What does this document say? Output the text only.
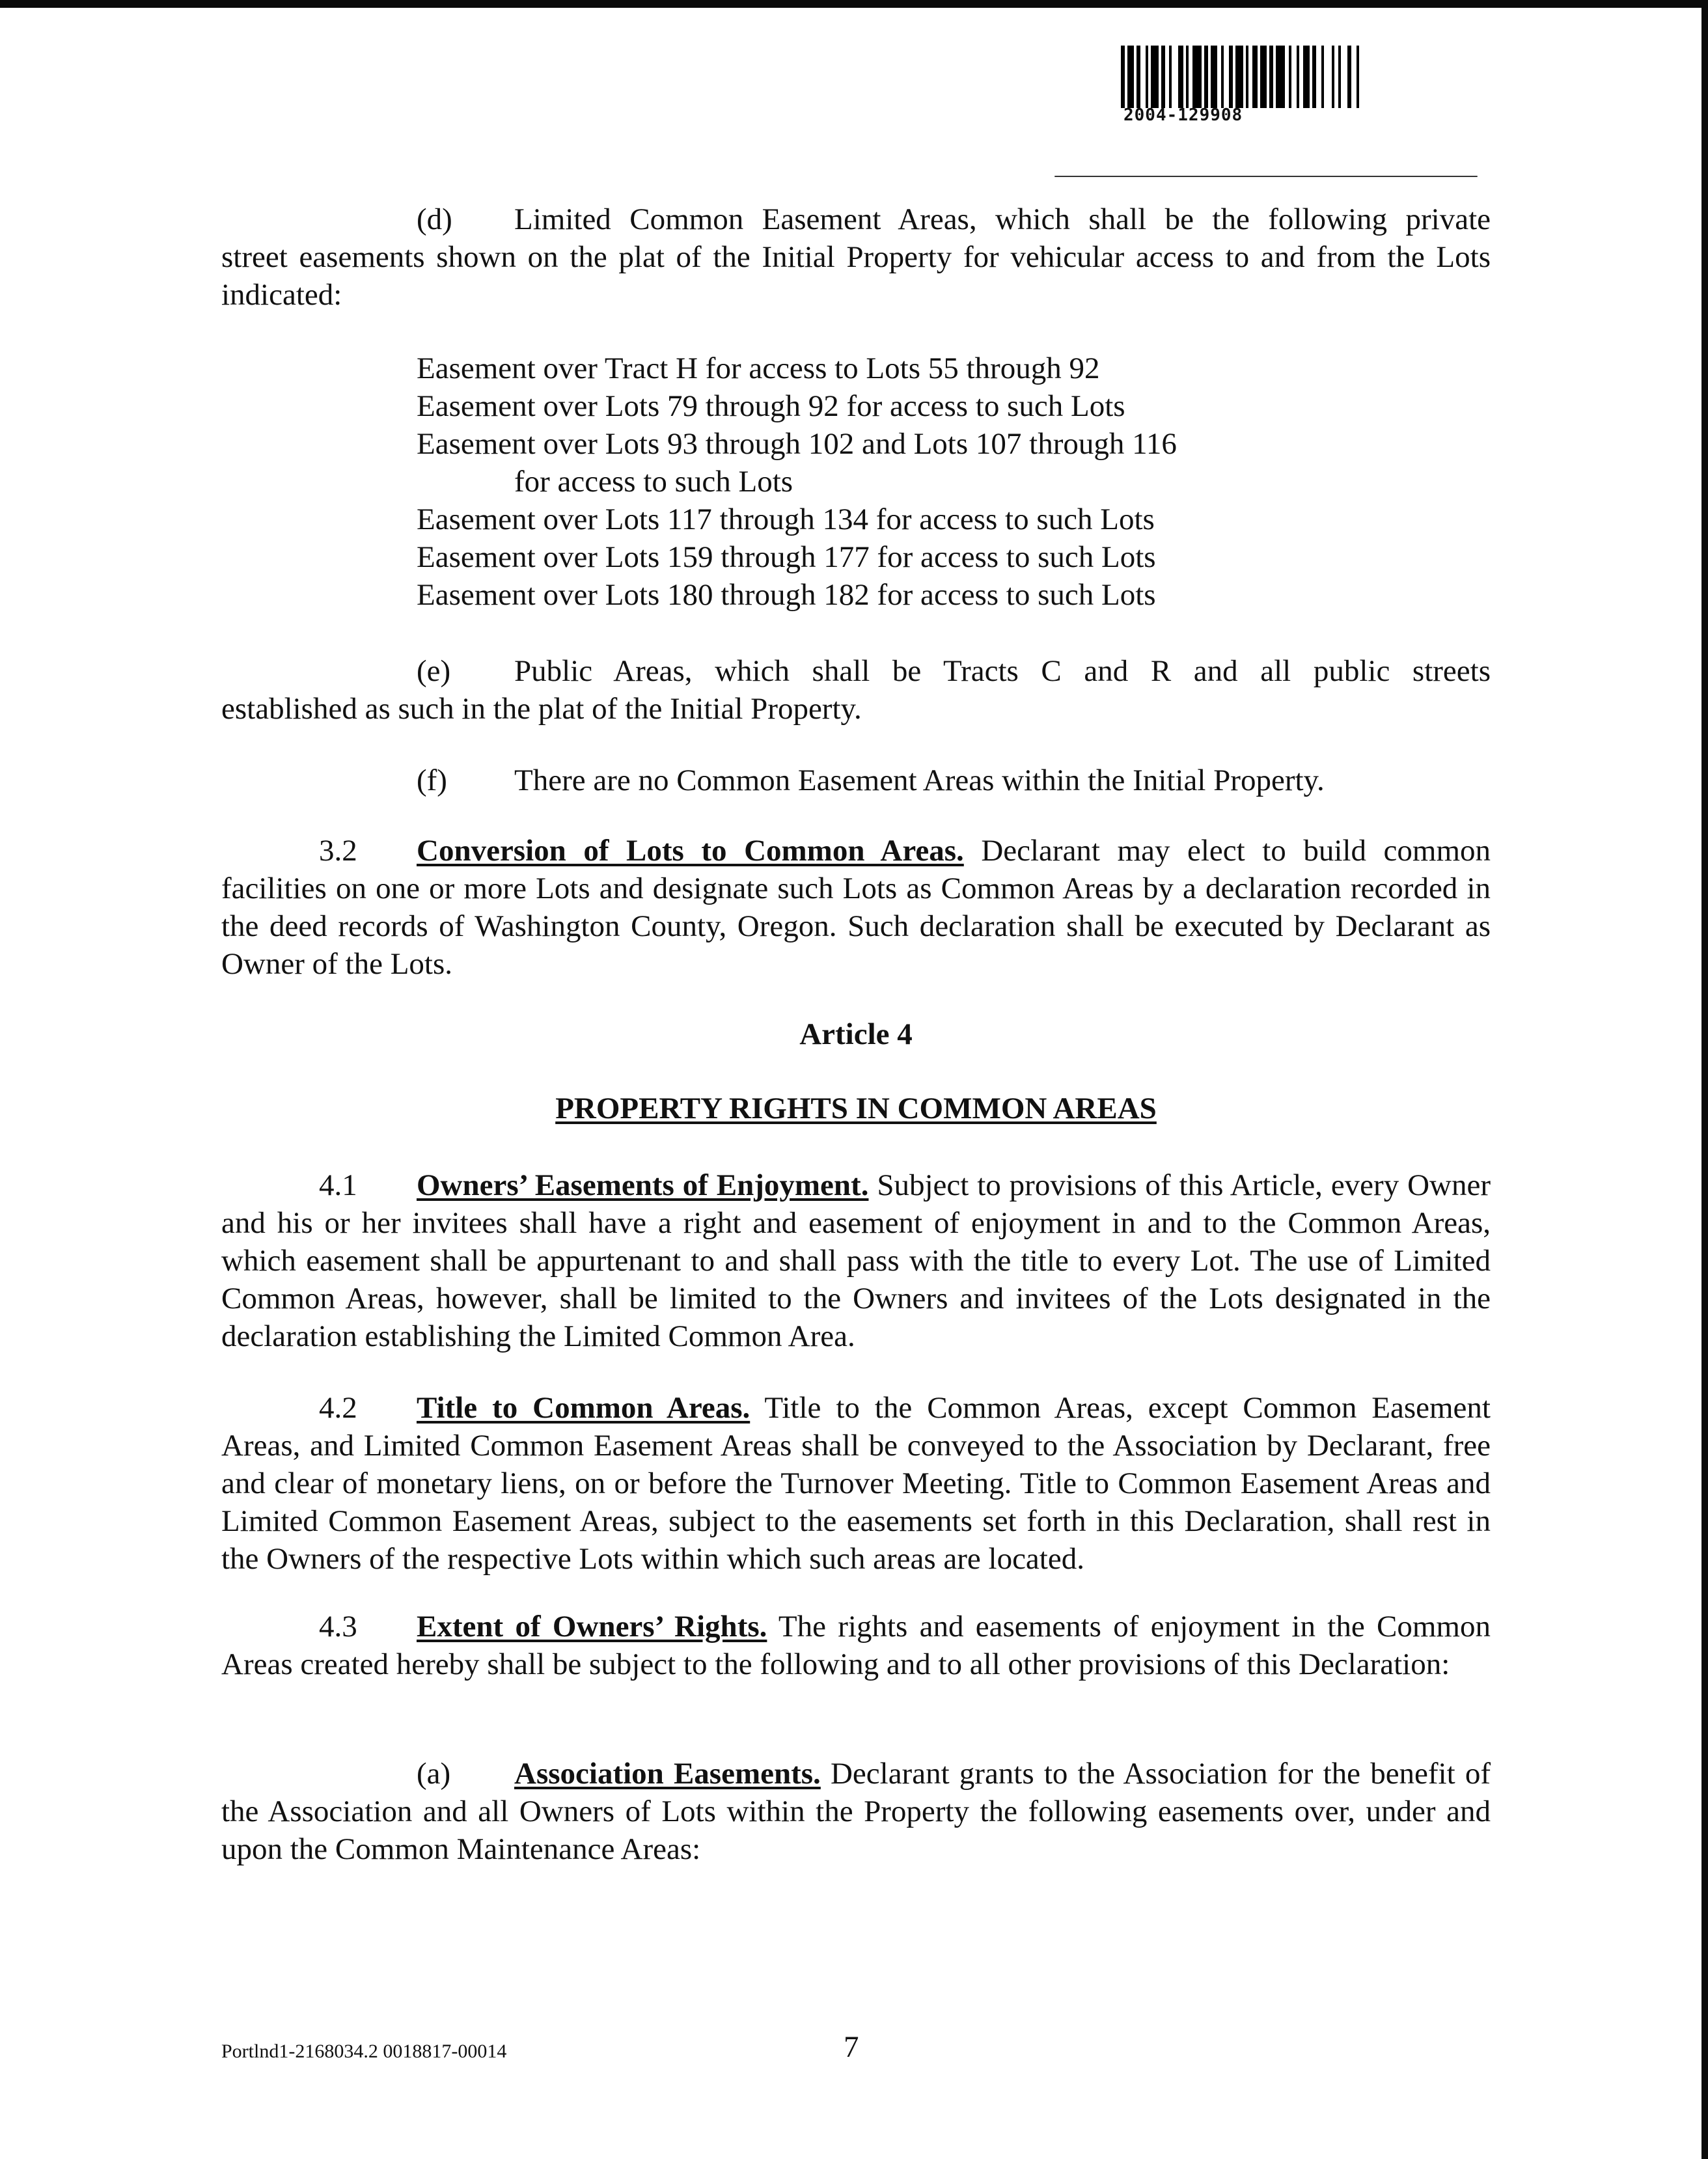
2004-129908

(d) Limited Common Easement Areas, which shall be the following private

street easements shown on the plat of the Initial Property for vehicular access to and from the Lots indicated:

Easement over Tract H for access to Lots 55 through 92
Easement over Lots 79 through 92 for access to such Lots
Easement over Lots 93 through 102 and Lots 107 through 116
for access to such Lots
Easement over Lots 117 through 134 for access to such Lots
Easement over Lots 159 through 177 for access to such Lots
Easement over Lots 180 through 182 for access to such Lots

(e) Public Areas, which shall be Tracts C and R and all public streets

established as such in the plat of the Initial Property.

(f) There are no Common Easement Areas within the Initial Property.

3.2 Conversion of Lots to Common Areas. Declarant may elect to build common facilities on one or more Lots and designate such Lots as Common Areas by a declaration recorded in the deed records of Washington County, Oregon. Such declaration shall be executed by Declarant as Owner of the Lots.

Article 4
PROPERTY RIGHTS IN COMMON AREAS

4.1 Owners’ Easements of Enjoyment. Subject to provisions of this Article, every Owner and his or her invitees shall have a right and easement of enjoyment in and to the Common Areas, which easement shall be appurtenant to and shall pass with the title to every Lot. The use of Limited Common Areas, however, shall be limited to the Owners and invitees of the Lots designated in the declaration establishing the Limited Common Area.

4.2 Title to Common Areas. Title to the Common Areas, except Common Easement Areas, and Limited Common Easement Areas shall be conveyed to the Association by Declarant, free and clear of monetary liens, on or before the Turnover Meeting. Title to Common Easement Areas and Limited Common Easement Areas, subject to the easements set forth in this Declaration, shall rest in the Owners of the respective Lots within which such areas are located.

4.3 Extent of Owners’ Rights. The rights and easements of enjoyment in the Common Areas created hereby shall be subject to the following and to all other provisions of this Declaration:

(a) Association Easements. Declarant grants to the Association for the benefit of the Association and all Owners of Lots within the Property the following easements over, under and upon the Common Maintenance Areas:

Portlnd1-2168034.2 0018817-00014	7
